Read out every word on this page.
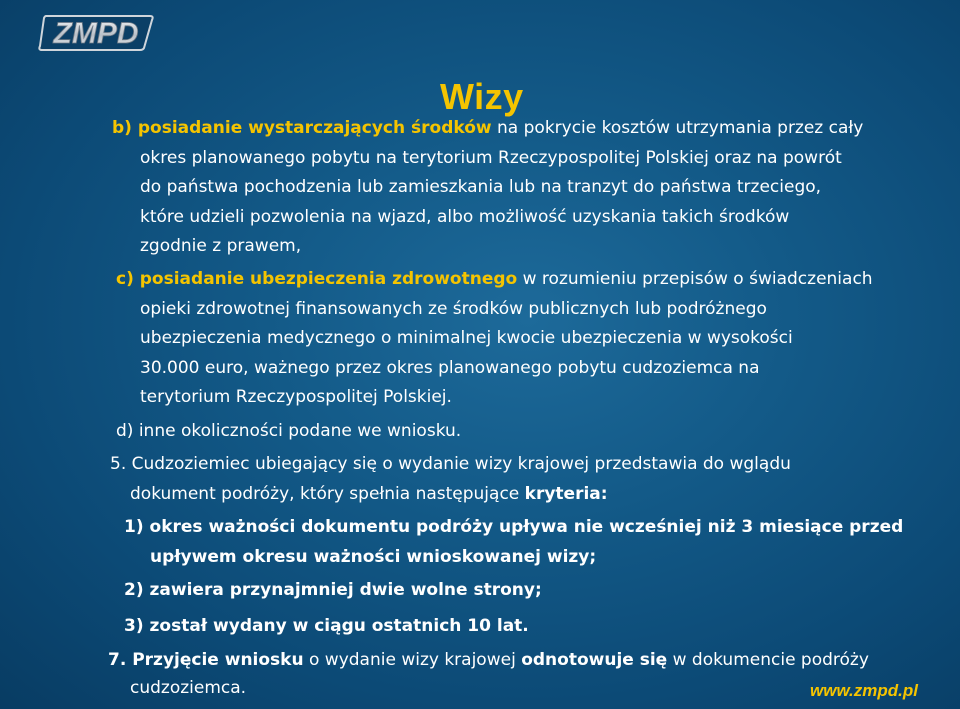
ZMPD
Wizy

b) posiadanie wystarczających środków na pokrycie kosztów utrzymania przez cały

okres planowanego pobytu na terytorium Rzeczypospolitej Polskiej oraz na powrót
do państwa pochodzenia lub zamieszkania lub na tranzyt do państwa trzeciego,
które udzieli pozwolenia na wjazd, albo możliwość uzyskania takich środków
zgodnie z prawem,

c) posiadanie ubezpieczenia zdrowotnego w rozumieniu przepisów o świadczeniach

opieki zdrowotnej finansowanych ze środków publicznych lub podróżnego
ubezpieczenia medycznego o minimalnej kwocie ubezpieczenia w wysokości
30.000 euro, ważnego przez okres planowanego pobytu cudzoziemca na
terytorium Rzeczypospolitej Polskiej.

d) inne okoliczności podane we wniosku.

5. Cudzoziemiec ubiegający się o wydanie wizy krajowej przedstawia do wglądu
dokument podróży, który spełnia następujące kryteria:

1) okres ważności dokumentu podróży upływa nie wcześniej niż 3 miesiące przed
upływem okresu ważności wnioskowanej wizy;

2) zawiera przynajmniej dwie wolne strony;

3) został wydany w ciągu ostatnich 10 lat.

7. Przyjęcie wniosku o wydanie wizy krajowej odnotowuje się w dokumencie podróży
cudzoziemca.	www.zmpd.pl
